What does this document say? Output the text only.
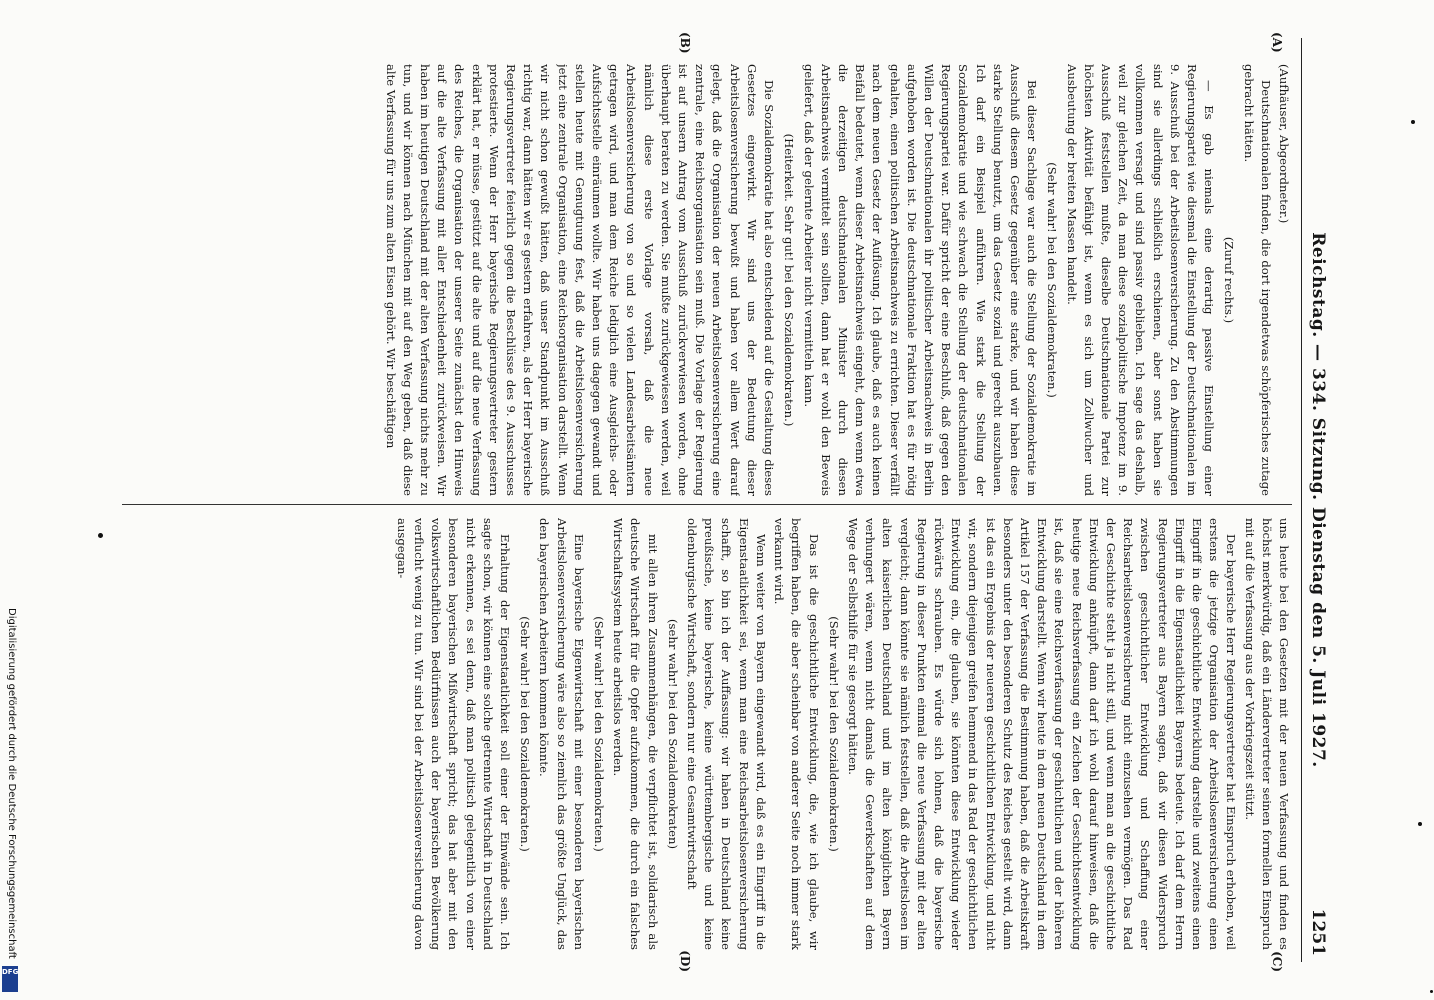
Reichstag. — 334. Sitzung. Dienstag den 5. Juli 1927.
1251
(A)
(B)
(C)
(D)

(Aufhäuser, Abgeordneter.)

Deutschnationalen finden, die dort irgendetwas schöpferisches zutage gebracht hätten.

(Zuruf rechts.)

— Es gab niemals eine derartig passive Einstellung einer Regierungspartei wie diesmal die Einstellung der Deutschnationalen im 9. Ausschuß bei der Arbeitslosenversicherung. Zu den Abstimmungen sind sie allerdings schließlich erschienen, aber sonst haben sie vollkommen versagt und sind passiv geblieben. Ich sage das deshalb, weil zur gleichen Zeit, da man diese sozialpolitische Impotenz im 9. Ausschuß feststellen mußte, dieselbe Deutschnationale Partei zur höchsten Aktivität befähigt ist, wenn es sich um Zollwucher und Ausbeutung der breiten Massen handelt.

(Sehr wahr! bei den Sozialdemokraten.)

Bei dieser Sachlage war auch die Stellung der Sozialdemokratie im Ausschuß diesem Gesetz gegenüber eine starke, und wir haben diese starke Stellung benutzt, um das Gesetz sozial und gerecht auszubauen. Ich darf ein Beispiel anführen. Wie stark die Stellung der Sozialdemokratie und wie schwach die Stellung der deutschnationalen Regierungspartei war. Dafür spricht der eine Beschluß, daß gegen den Willen der Deutschnationalen ihr politischer Arbeitsnachweis in Berlin aufgehoben worden ist. Die deutschnationale Fraktion hat es für nötig gehalten, einen politischen Arbeitsnachweis zu errichten. Dieser verfällt nach dem neuen Gesetz der Auflösung. Ich glaube, daß es auch keinen Beifall bedeutet, wenn dieser Arbeitsnachweis eingeht, denn wenn etwa die derzeitigen deutschnationalen Minister durch diesen Arbeitsnachweis vermittelt sein sollten, dann hat er wohl den Beweis geliefert, daß der gelernte Arbeiter nicht vermitteln kann.

(Heiterkeit. Sehr gut! bei den Sozialdemokraten.)

Die Sozialdemokratie hat also entscheidend auf die Gestaltung dieses Gesetzes eingewirkt. Wir sind uns der Bedeutung dieser Arbeitslosenversicherung bewußt und haben vor allem Wert darauf gelegt, daß die Organisation der neuen Arbeitslosenversicherung eine zentrale, eine Reichsorganisation sein muß. Die Vorlage der Regierung ist auf unsern Antrag vom Ausschuß zurückverwiesen worden, ohne überhaupt beraten zu werden. Sie mußte zurückgewiesen werden, weil nämlich diese erste Vorlage vorsah, daß die neue Arbeitslosenversicherung von so und so vielen Landesarbeitsämtern getragen wird, und man dem Reiche lediglich eine Ausgleichs- oder Aufsichtsstelle einräumen wollte. Wir haben uns dagegen gewandt und stellen heute mit Genugtuung fest, daß die Arbeitslosenversicherung jetzt eine zentrale Organisation, eine Reichsorganisation darstellt. Wenn wir nicht schon gewußt hätten, daß unser Standpunkt im Ausschuß richtig war, dann hätten wir es gestern erfahren, als der Herr bayerische Regierungsvertreter feierlich gegen die Beschlüsse des 9. Ausschusses protestierte. Wenn der Herr bayerische Regierungsvertreter gestern erklärt hat, er müsse, gestützt auf die alte und auf die neue Verfassung des Reiches, die Organisation der unserer Seite zunächst den Hinweis auf die alte Verfassung mit aller Entschiedenheit zurückweisen. Wir haben im heutigen Deutschland mit der alten Verfassung nichts mehr zu tun, und wir können nach München mit auf den Weg geben, daß diese alte Verfassung für uns zum alten Eisen gehört. Wir beschäftigen

uns heute bei den Gesetzen mit der neuen Verfassung und finden es höchst merkwürdig, daß ein Ländervertreter seinen formellen Einspruch mit auf die Verfassung aus der Vorkriegszeit stützt.

Der bayerische Herr Regierungsvertreter hat Einspruch erhoben, weil erstens die jetzige Organisation der Arbeitslosenversicherung einen Eingriff in die geschichtliche Entwicklung darstelle und zweitens einen Eingriff in die Eigenstaatlichkeit Bayerns bedeute. Ich darf dem Herrn Regierungsvertreter aus Bayern sagen, daß wir diesen Widerspruch zwischen geschichtlicher Entwicklung und Schaffung einer Reichsarbeitslosenversicherung nicht einzusehen vermögen. Das Rad der Geschichte steht ja nicht still, und wenn man an die geschichtliche Entwicklung anknüpft, dann darf ich wohl darauf hinweisen, daß die heutige neue Reichsverfassung ein Zeichen der Geschichtsentwicklung ist, daß sie eine Reichsverfassung der geschichtlichen und der höheren Entwicklung darstellt. Wenn wir heute in dem neuen Deutschland in dem Artikel 157 der Verfassung die Bestimmung haben, daß die Arbeitskraft besonders unter den besonderen Schutz des Reiches gestellt wird, dann ist das ein Ergebnis der neueren geschichtlichen Entwicklung, und nicht wir, sondern diejenigen greifen hemmend in das Rad der geschichtlichen Entwicklung ein, die glauben, sie könnten diese Entwicklung wieder rückwärts schrauben. Es würde sich lohnen, daß die bayerische Regierung in dieser Punkten einmal die neue Verfassung mit der alten vergleicht; dann könnte sie nämlich feststellen, daß die Arbeitslosen im alten kaiserlichen Deutschland und im alten königlichen Bayern verhungert wären, wenn nicht damals die Gewerkschaften auf dem Wege der Selbsthilfe für sie gesorgt hätten.

(Sehr wahr! bei den Sozialdemokraten.)

Das ist die geschichtliche Entwicklung, die, wie ich glaube, wir begriffen haben, die aber scheinbar von anderer Seite noch immer stark verkannt wird.

Wenn weiter von Bayern eingewandt wird, daß es ein Eingriff in die Eigenstaatlichkeit sei, wenn man eine Reichsarbeitslosenversicherung schafft, so bin ich der Auffassung: wir haben in Deutschland keine preußische, keine bayerische, keine württembergische und keine oldenburgische Wirtschaft, sondern nur eine Gesamtwirtschaft

(sehr wahr! bei den Sozialdemokraten)

mit allen ihren Zusammenhängen, die verpflichtet ist, solidarisch als deutsche Wirtschaft für die Opfer aufzukommen, die durch ein falsches Wirtschaftssystem heute arbeitslos werden.

(Sehr wahr! bei den Sozialdemokraten.)

Eine bayerische Eigenwirtschaft mit einer besonderen bayerischen Arbeitslosenversicherung wäre also so ziemlich das größte Unglück, das den bayerischen Arbeitern kommen könnte.

(Sehr wahr! bei den Sozialdemokraten.)

Erhaltung der Eigenstaatlichkeit soll einer der Einwände sein. Ich sagte schon, wir können eine solche getrennte Wirtschaft in Deutschland nicht erkennen, es sei denn, daß man politisch gelegentlich von einer besonderen bayerischen Mißwirtschaft spricht; das hat aber mit den volkswirtschaftlichen Bedürfnissen auch der bayerischen Bevölkerung verflucht wenig zu tun. Wir sind bei der Arbeitslosenversicherung davon ausgegan-

Digitalisierung gefördert durch die Deutsche Forschungsgemeinschaft
DFG
